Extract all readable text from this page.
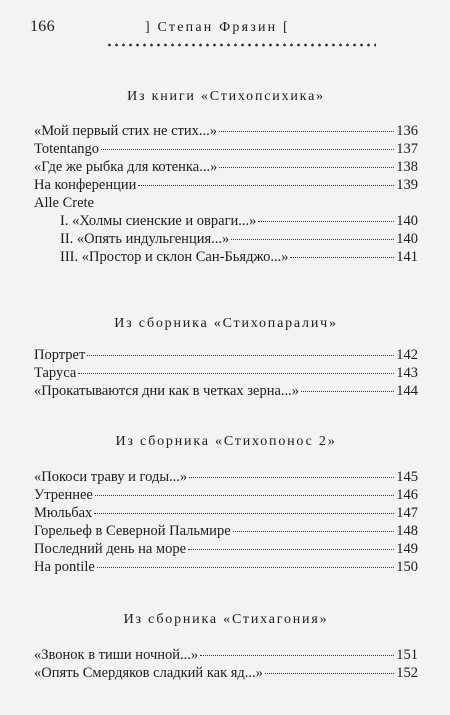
166	] Степан Фрязин [
Из книги «Стихопсихика»
«Мой первый стих не стих...»	136
Totentango	137
«Где же рыбка для котенка...»	138
На конференции	139
Alle Crete
I. «Холмы сиенские и овраги...»	140
II. «Опять индульгенция...»	140
III. «Простор и склон Сан-Бьяджо...»	141
Из сборника «Стихопаралич»
Портрет	142
Таруса	143
«Прокатываются дни как в четках зерна...»	144
Из сборника «Стихопонос 2»
«Покоси траву и годы...»	145
Утреннее	146
Мюльбах	147
Горельеф в Северной Пальмире	148
Последний день на море	149
На pontile	150
Из сборника «Стихагония»
«Звонок в тиши ночной...»	151
«Опять Смердяков сладкий как яд...»	152
